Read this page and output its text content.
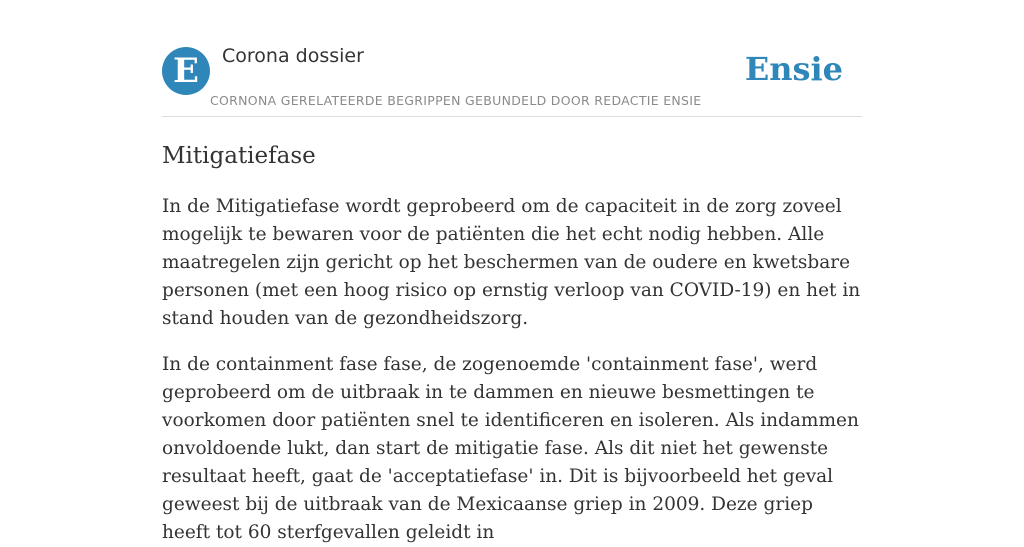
E	Corona dossier
CORNONA GERELATEERDE BEGRIPPEN GEBUNDELD DOOR REDACTIE ENSIE
Ensie
Mitigatiefase

In de Mitigatiefase wordt geprobeerd om de capaciteit in de zorg zoveel mogelijk te bewaren voor de patiënten die het echt nodig hebben. Alle maatregelen zijn gericht op het beschermen van de oudere en kwetsbare personen (met een hoog risico op ernstig verloop van COVID-19) en het in stand houden van de gezondheidszorg.

In de containment fase fase, de zogenoemde 'containment fase', werd geprobeerd om de uitbraak in te dammen en nieuwe besmettingen te voorkomen door patiënten snel te identificeren en isoleren. Als indammen onvoldoende lukt, dan start de mitigatie fase. Als dit niet het gewenste resultaat heeft, gaat de 'acceptatiefase' in. Dit is bijvoorbeeld het geval geweest bij de uitbraak van de Mexicaanse griep in 2009. Deze griep heeft tot 60 sterfgevallen geleidt in
